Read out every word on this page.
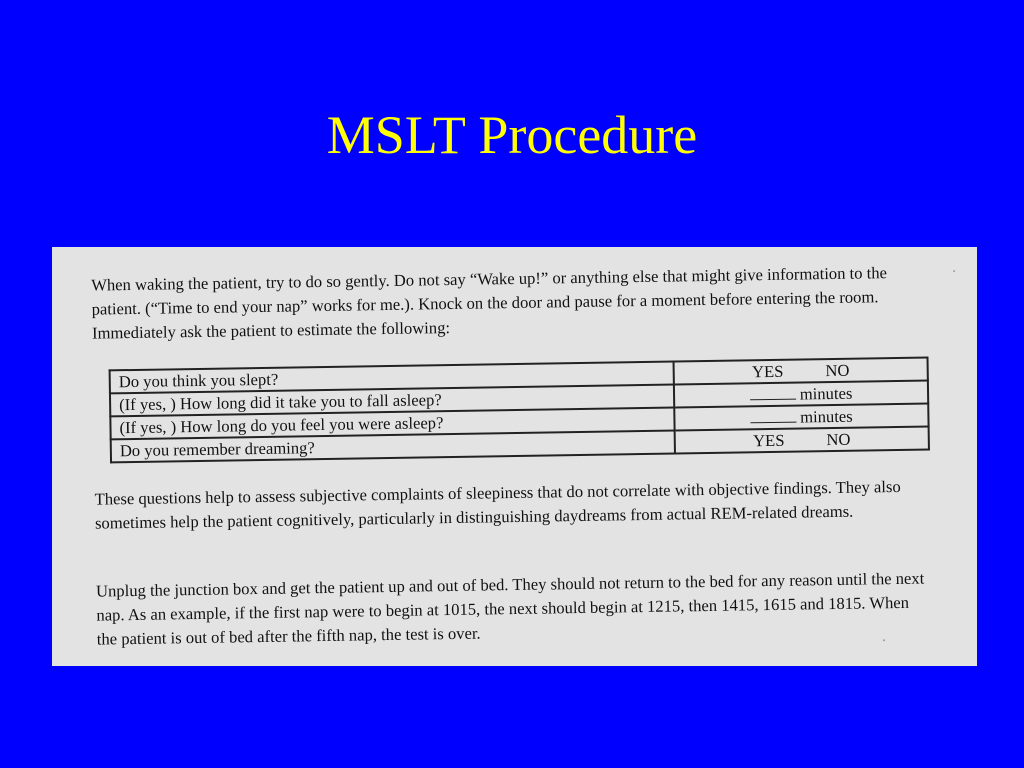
MSLT Procedure

When waking the patient, try to do so gently. Do not say “Wake up!” or anything else that might give information to the patient. (“Time to end your nap” works for me.). Knock on the door and pause for a moment before entering the room. Immediately ask the patient to estimate the following:

Do you think you slept?	YES NO
(If yes, ) How long did it take you to fall asleep?	minutes
(If yes, ) How long do you feel you were asleep?	minutes
Do you remember dreaming?	YES NO

These questions help to assess subjective complaints of sleepiness that do not correlate with objective findings. They also sometimes help the patient cognitively, particularly in distinguishing daydreams from actual REM-related dreams.

Unplug the junction box and get the patient up and out of bed. They should not return to the bed for any reason until the next nap. As an example, if the first nap were to begin at 1015, the next should begin at 1215, then 1415, 1615 and 1815. When the patient is out of bed after the fifth nap, the test is over.
